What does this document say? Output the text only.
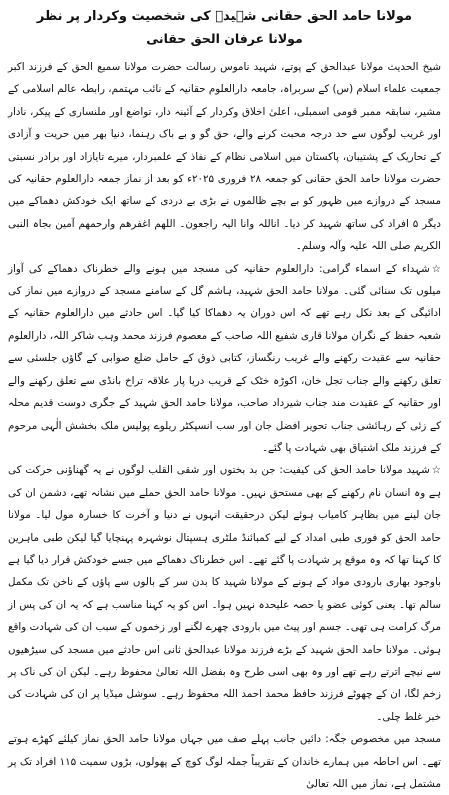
مولانا حامد الحق حقانی شہیدؒ کی شخصیت وکردار پر نظر
مولانا عرفان الحق حقانی

شیخ الحدیث مولانا عبدالحق کے پوتے، شہید ناموس رسالت حضرت مولانا سمیع الحق کے فرزند اکبر جمعیت علماء اسلام (س) کے سربراہ، جامعہ دارالعلوم حقانیہ کے نائب مہتمم، رابطہ عالم اسلامی کے مشیر، سابقہ ممبر قومی اسمبلی، اعلیٰ اخلاق وکردار کے آئینہ دار، تواضع اور ملنساری کے پیکر، نادار اور غریب لوگوں سے حد درجہ محبت کرنے والے، حق گو و بے باک رہنما، دنیا بھر میں حریت و آزادی کے تحاریک کے پشتیبان، پاکستان میں اسلامی نظام کے نفاذ کے علمبردار، میرے تایازاد اور برادر نسبتی حضرت مولانا حامد الحق حقانی کو جمعہ ۲۸ فروری ۲۰۲۵ء کو بعد از نماز جمعہ دارالعلوم حقانیہ کی مسجد کے دروازے میں ظہور کو بے بچے ظالموں نے بڑی بے دردی کے ساتھ ایک خودکش دھماکے میں دیگر ۵ افراد کی ساتھ شہید کر دیا۔ اناللہ وانا الیہ راجعون۔ اللھم اغفرھم وارحمھم آمین بجاہ النبی الکریم صلی اللہ علیہ وآلہ وسلم۔

☆شہداء کے اسماء گرامی: دارالعلوم حقانیہ کی مسجد میں ہونے والے خطرناک دھماکے کی آواز میلوں تک سنائی گئی۔ مولانا حامد الحق شہید، ہاشم گل کے سامنے مسجد کے دروازے میں نماز کی ادائیگی کے بعد نکل رہے تھے کہ اس دوران یہ دھماکا کیا گیا۔ اس حادثے میں دارالعلوم حقانیہ کے شعبہ حفظ کے نگران مولانا قاری شفیع اللہ صاحب کے معصوم فرزند محمد وہب شاکر اللہ، دارالعلوم حقانیہ سے عقیدت رکھنے والے غریب رنگساز، کتابی ذوق کے حامل ضلع صوابی کے گاؤں جلسئی سے تعلق رکھنے والے جناب تجل خان، اکوڑہ خٹک کے قریب دریا پار علاقہ تراخ بانڈی سے تعلق رکھنے والے اور حقانیہ کے عقیدت مند جناب شیرداد صاحب، مولانا حامد الحق شہید کے جگری دوست قدیم محلہ کے زئی کے رہائشی جناب تحویر افضل جان اور سب انسپکٹر ریلوے پولیس ملک بخشش الٰہی مرحوم کے فرزند ملک اشتیاق بھی شہادت پا گئے۔

☆شہید مولانا حامد الحق کی کیفیت: جن بد بختوں اور شقی القلب لوگوں نے یہ گھناؤنی حرکت کی ہے وہ انسان نام رکھنے کے بھی مستحق نہیں۔ مولانا حامد الحق حملے میں نشانہ تھے، دشمن ان کی جان لینے میں بظاہر کامیاب ہوئے لیکن درحقیقت انہوں نے دنیا و آخرت کا خسارہ مول لیا۔ مولانا حامد الحق کو فوری طبی امداد کے لیے کمبائنڈ ملٹری ہسپتال نوشہرہ پہنچایا گیا لیکن طبی ماہرین کا کہنا تھا کہ وہ موقع پر شہادت پا گئے تھے۔ اس خطرناک دھماکے میں جسے خودکش قرار دیا گیا ہے باوجود بھاری بارودی مواد کے ہونے کے مولانا شہید کا بدن سر کے بالوں سے پاؤں کے ناخن تک مکمل سالم تھا۔ یعنی کوئی عضو یا حصہ علیحدہ نہیں ہوا۔ اس کو یہ کہنا مناسب ہے کہ یہ ان کی پس از مرگ کرامت ہی تھی۔ جسم اور پیٹ میں بارودی چھرے لگنے اور زخموں کے سبب ان کی شہادت واقع ہوئی۔ مولانا حامد الحق شہید کے بڑے فرزند مولانا عبدالحق ثانی اس حادثے میں مسجد کی سیڑھیوں سے نیچے اترتے رہے تھے اور وہ بھی اسی طرح وہ بفضل اللہ تعالیٰ محفوظ رہے۔ لیکن ان کی ناک پر زخم لگا، ان کے چھوٹے فرزند حافظ محمد احمد اللہ محفوظ رہے۔ سوشل میڈیا پر ان کی شہادت کی خبر غلط چلی۔

مسجد میں مخصوص جگہ: دائیں جانب پہلے صف میں جہاں مولانا حامد الحق نماز کیلئے کھڑے ہوتے تھے۔ اس احاطہ میں ہمارے خاندان کے تقریباً جملہ لوگ کوچ کے پھولوں، بڑوں سمیت ۱۱۵ افراد تک پر مشتمل ہے، نماز میں اللہ تعالیٰ
